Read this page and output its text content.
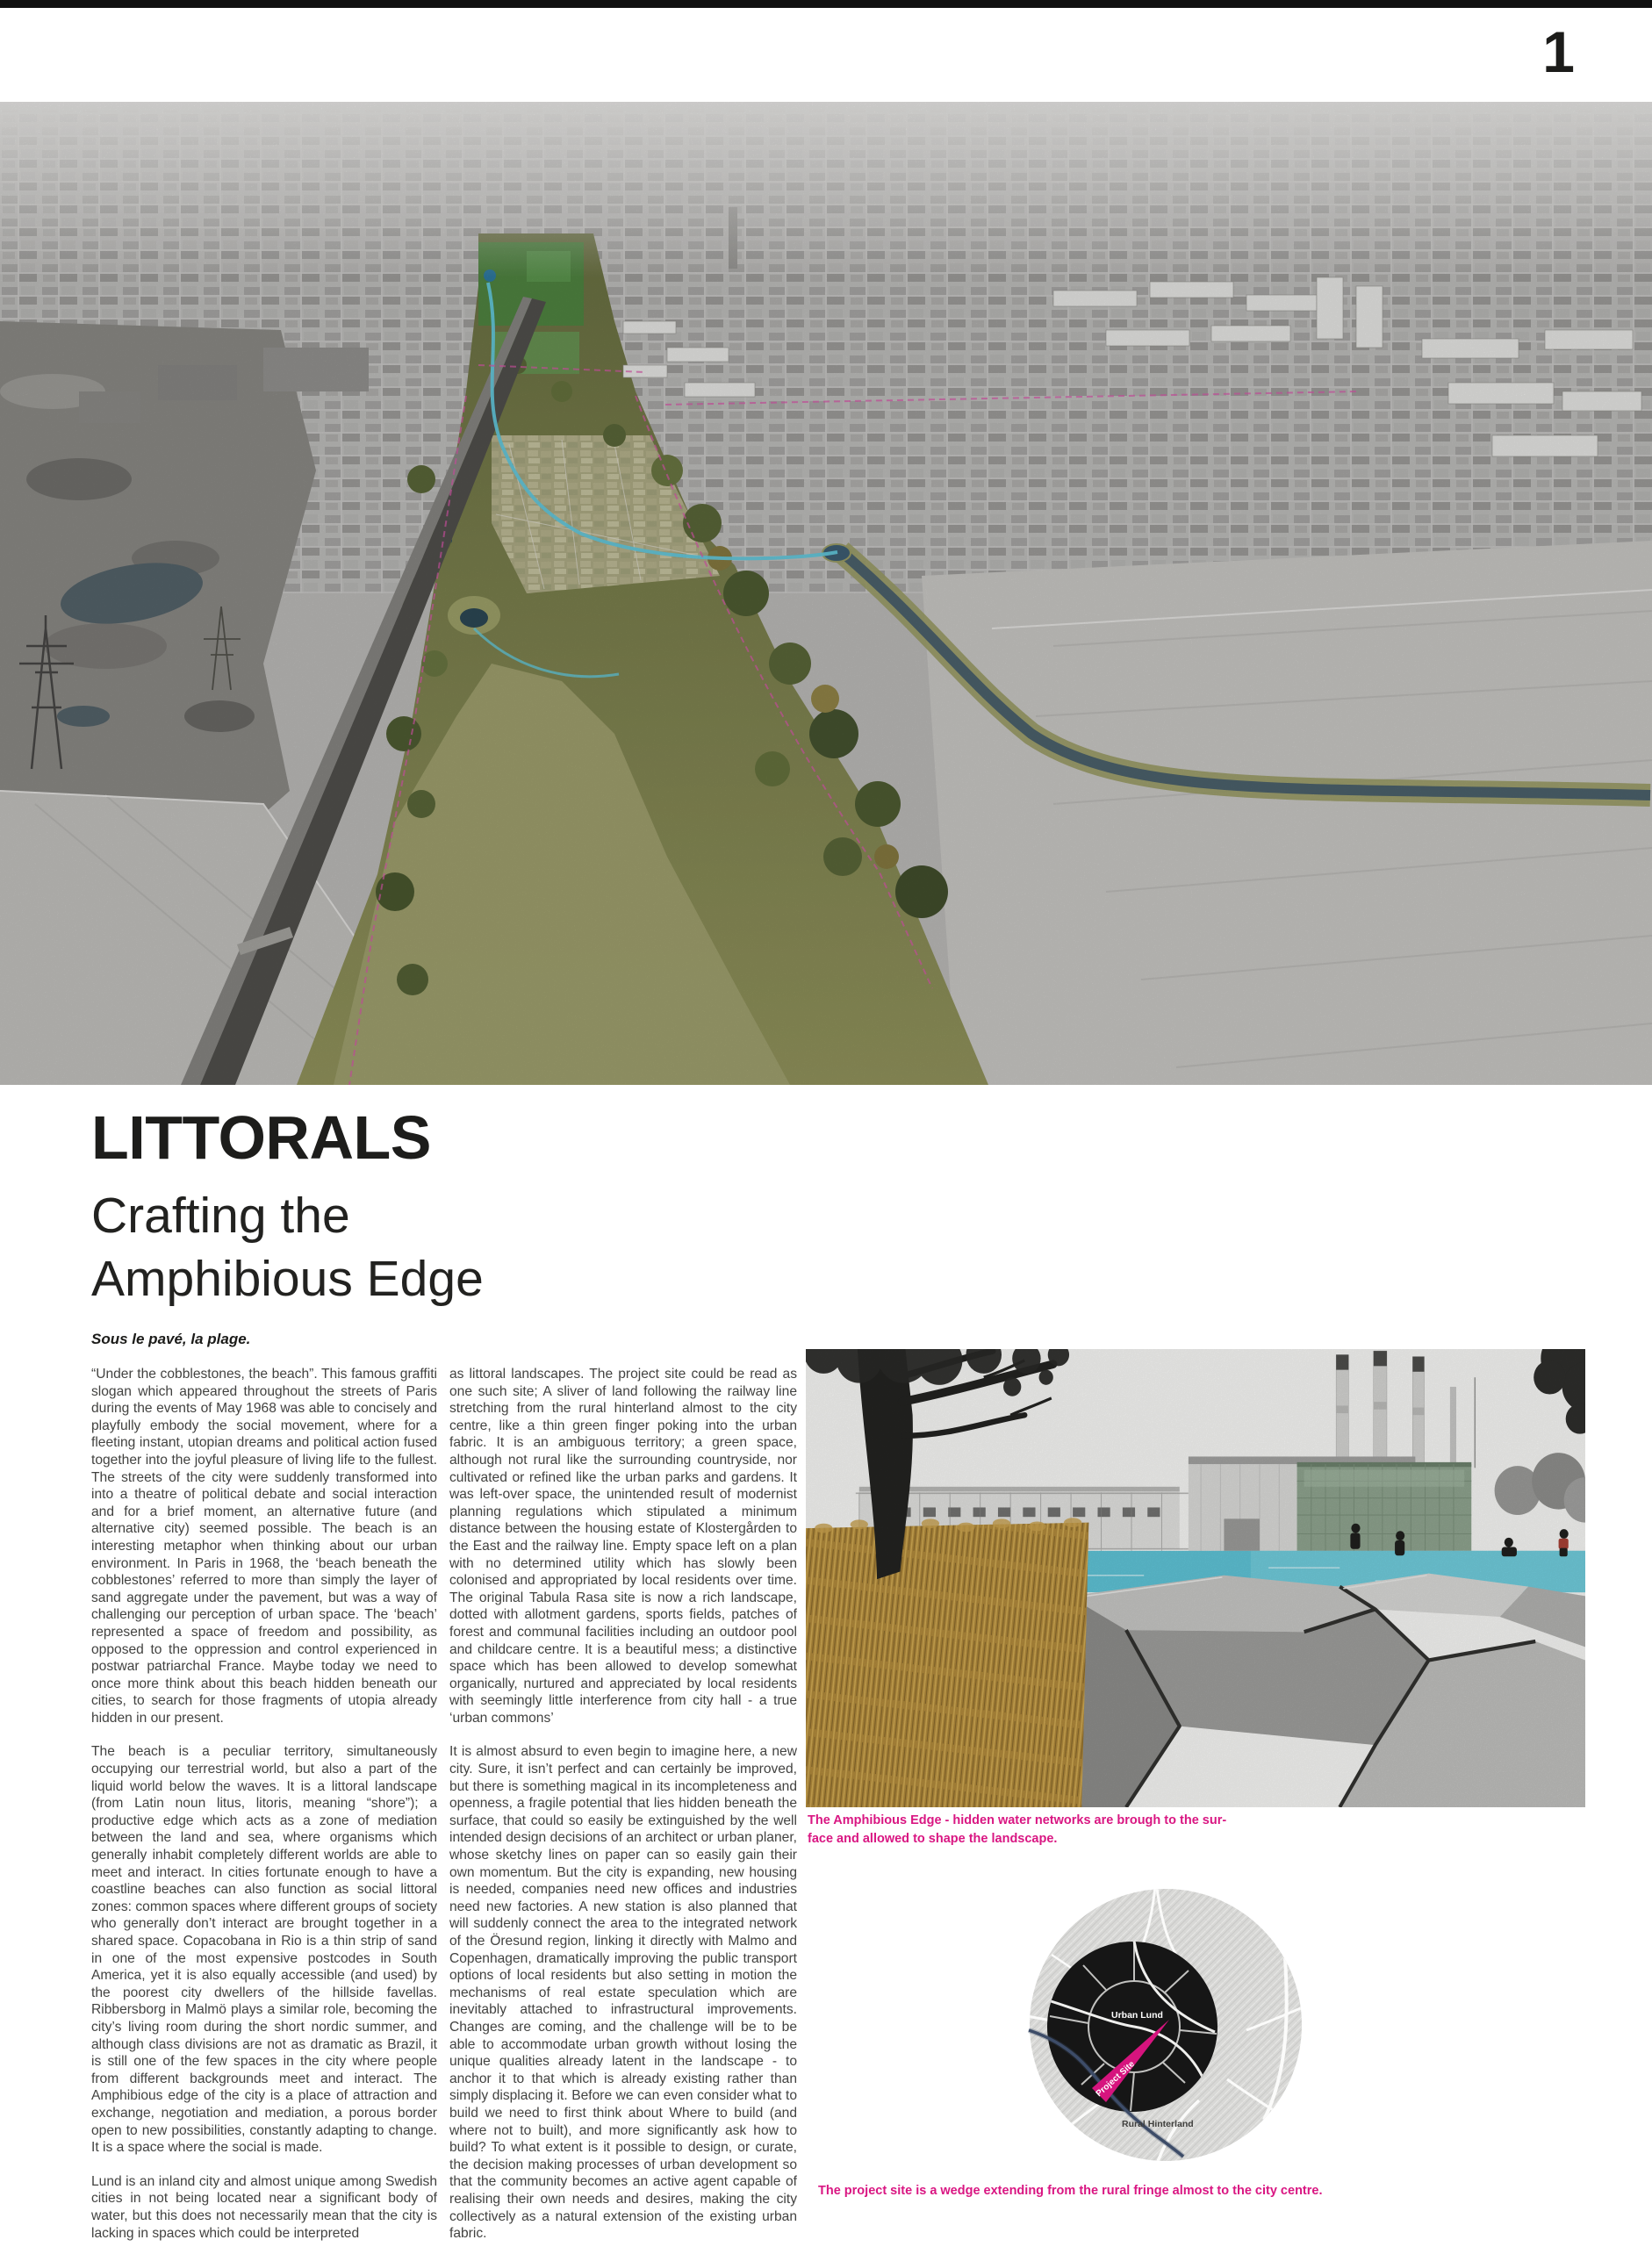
1
LITTORALS
Crafting the
Amphibious Edge
Sous le pavé, la plage.

“Under the cobblestones, the beach”. This famous graffiti slogan which appeared throughout the streets of Paris during the events of May 1968 was able to concisely and playfully embody the social movement, where for a fleeting instant, utopian dreams and political action fused together into the joyful pleasure of living life to the fullest. The streets of the city were suddenly transformed into into a theatre of political debate and social interaction and for a brief moment, an alternative future (and alternative city) seemed possible. The beach is an interesting metaphor when thinking about our urban environment. In Paris in 1968, the ‘beach beneath the cobblestones’ referred to more than simply the layer of sand aggregate under the pavement, but was a way of challenging our perception of urban space. The ‘beach’ represented a space of freedom and possibility, as opposed to the oppression and control experienced in postwar patriarchal France. Maybe today we need to once more think about this beach hidden beneath our cities, to search for those fragments of utopia already hidden in our present.

The beach is a peculiar territory, simultaneously occupying our terrestrial world, but also a part of the liquid world below the waves. It is a littoral landscape (from Latin noun litus, litoris, meaning “shore”); a productive edge which acts as a zone of mediation between the land and sea, where organisms which generally inhabit completely different worlds are able to meet and interact. In cities fortunate enough to have a coastline beaches can also function as social littoral zones: common spaces where different groups of society who generally don’t interact are brought together in a shared space. Copacobana in Rio is a thin strip of sand in one of the most expensive postcodes in South America, yet it is also equally accessible (and used) by the poorest city dwellers of the hillside favellas. Ribbersborg in Malmö plays a similar role, becoming the city’s living room during the short nordic summer, and although class divisions are not as dramatic as Brazil, it is still one of the few spaces in the city where people from different backgrounds meet and interact. The Amphibious edge of the city is a place of attraction and exchange, negotiation and mediation, a porous border open to new possibilities, constantly adapting to change. It is a space where the social is made.

Lund is an inland city and almost unique among Swedish cities in not being located near a significant body of water, but this does not necessarily mean that the city is lacking in spaces which could be interpreted

as littoral landscapes. The project site could be read as one such site; A sliver of land following the railway line stretching from the rural hinterland almost to the city centre, like a thin green finger poking into the urban fabric. It is an ambiguous territory; a green space, although not rural like the surrounding countryside, nor cultivated or refined like the urban parks and gardens. It was left-over space, the unintended result of modernist planning regulations which stipulated a minimum distance between the housing estate of Klostergården to the East and the railway line. Empty space left on a plan with no determined utility which has slowly been colonised and appropriated by local residents over time. The original Tabula Rasa site is now a rich landscape, dotted with allotment gardens, sports fields, patches of forest and communal facilities including an outdoor pool and childcare centre. It is a beautiful mess; a distinctive space which has been allowed to develop somewhat organically, nurtured and appreciated by local residents with seemingly little interference from city hall - a true ‘urban commons’

It is almost absurd to even begin to imagine here, a new city. Sure, it isn’t perfect and can certainly be improved, but there is something magical in its incompleteness and openness, a fragile potential that lies hidden beneath the surface, that could so easily be extinguished by the well intended design decisions of an architect or urban planer, whose sketchy lines on paper can so easily gain their own momentum. But the city is expanding, new housing is needed, companies need new offices and industries need new factories. A new station is also planned that will suddenly connect the area to the integrated network of the Öresund region, linking it directly with Malmo and Copenhagen, dramatically improving the public transport options of local residents but also setting in motion the mechanisms of real estate speculation which are inevitably attached to infrastructural improvements. Changes are coming, and the challenge will be to be able to accommodate urban growth without losing the unique qualities already latent in the landscape - to anchor it to that which is already existing rather than simply displacing it. Before we can even consider what to build we need to first think about Where to build (and where not to built), and more significantly ask how to build? To what extent is it possible to design, or curate, the decision making processes of urban development so that the community becomes an active agent capable of realising their own needs and desires, making the city collectively as a natural extension of the existing urban fabric.

The Amphibious Edge - hidden water networks are brough to the sur-
face and allowed to shape the landscape.
Project Site
Urban Lund
Rural Hinterland
The project site is a wedge extending from the rural fringe almost to the city centre.
